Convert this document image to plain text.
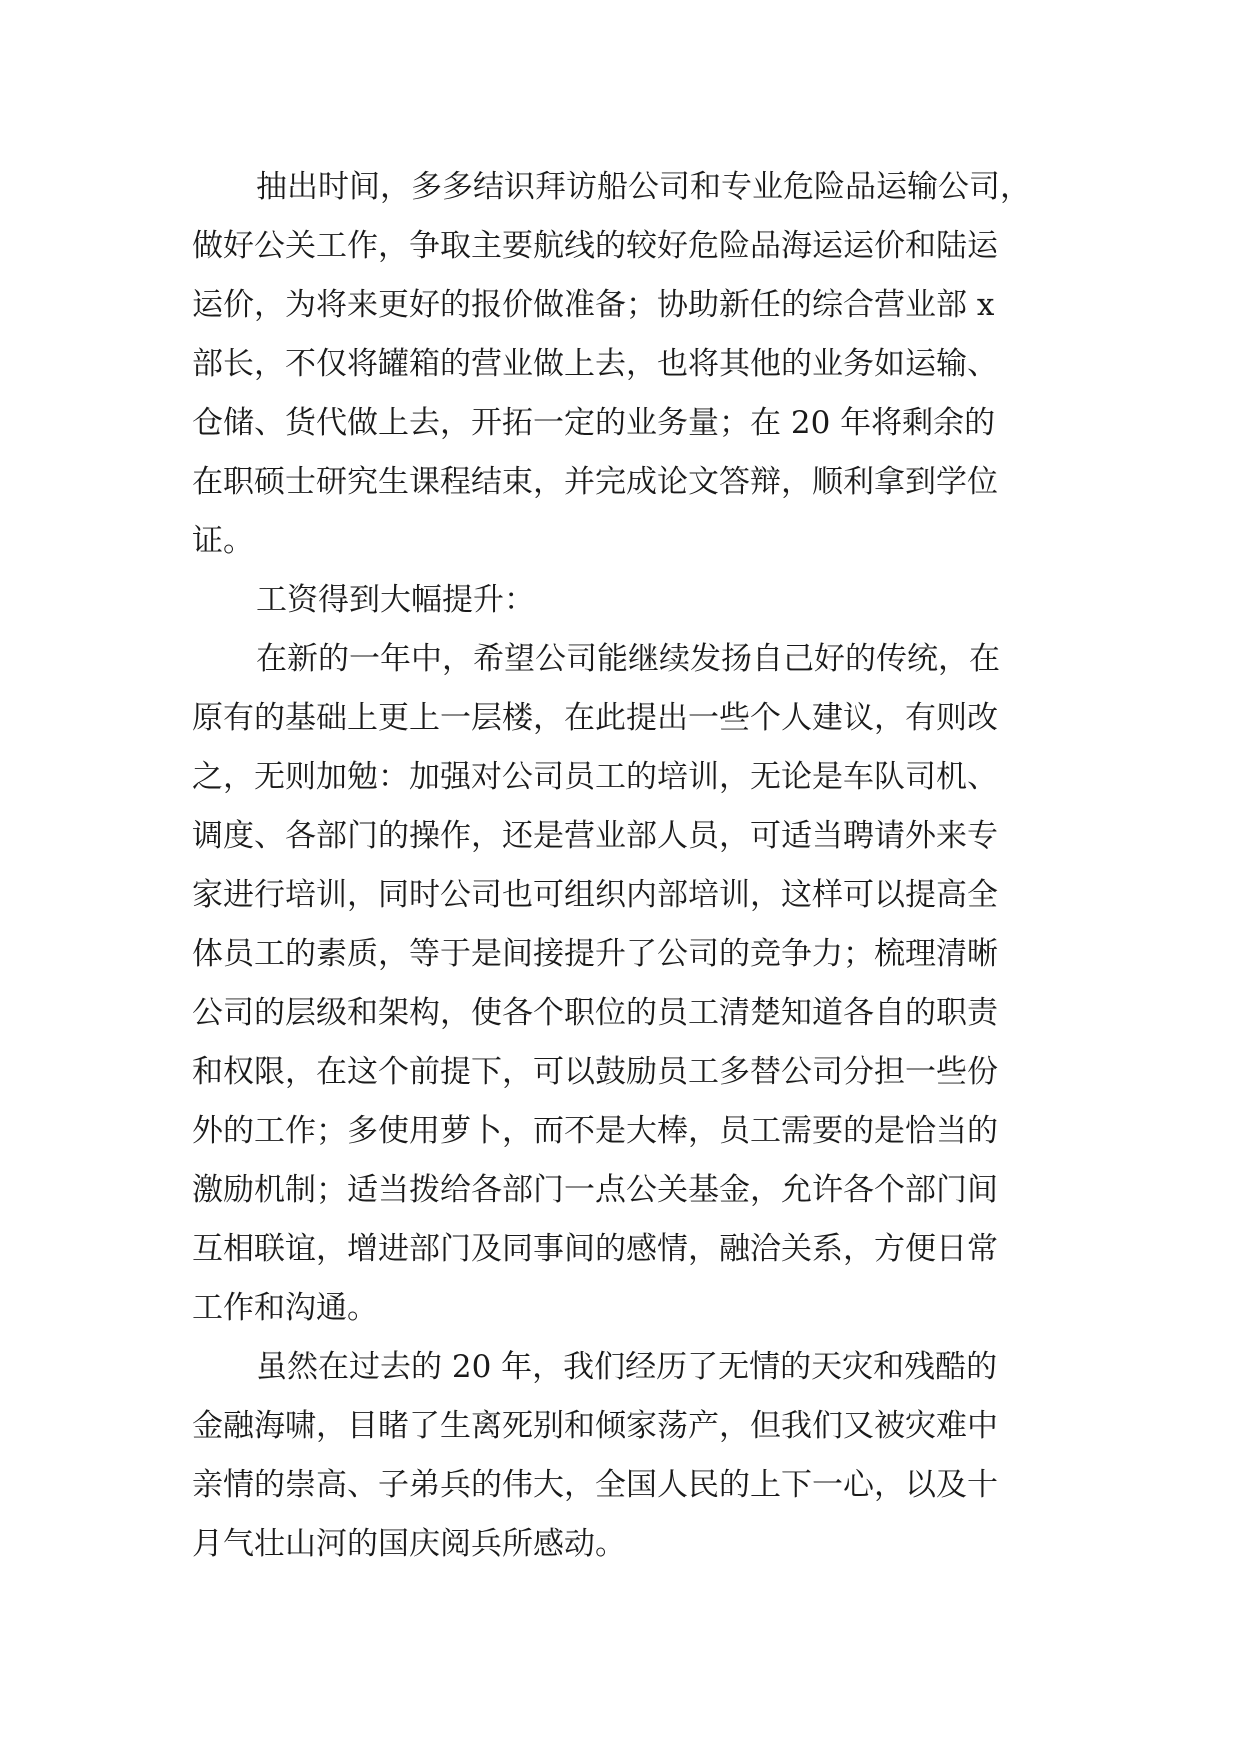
抽出时间，多多结识拜访船公司和专业危险品运输公司，
做好公关工作，争取主要航线的较好危险品海运运价和陆运
运价，为将来更好的报价做准备；协助新任的综合营业部 x
部长，不仅将罐箱的营业做上去，也将其他的业务如运输、
仓储、货代做上去，开拓一定的业务量；在 20 年将剩余的
在职硕士研究生课程结束，并完成论文答辩，顺利拿到学位
证。
工资得到大幅提升：
在新的一年中，希望公司能继续发扬自己好的传统，在
原有的基础上更上一层楼，在此提出一些个人建议，有则改
之，无则加勉：加强对公司员工的培训，无论是车队司机、
调度、各部门的操作，还是营业部人员，可适当聘请外来专
家进行培训，同时公司也可组织内部培训，这样可以提高全
体员工的素质，等于是间接提升了公司的竞争力；梳理清晰
公司的层级和架构，使各个职位的员工清楚知道各自的职责
和权限，在这个前提下，可以鼓励员工多替公司分担一些份
外的工作；多使用萝卜，而不是大棒，员工需要的是恰当的
激励机制；适当拨给各部门一点公关基金，允许各个部门间
互相联谊，增进部门及同事间的感情，融洽关系，方便日常
工作和沟通。
虽然在过去的 20 年，我们经历了无情的天灾和残酷的
金融海啸，目睹了生离死别和倾家荡产，但我们又被灾难中
亲情的崇高、子弟兵的伟大，全国人民的上下一心，以及十
月气壮山河的国庆阅兵所感动。
